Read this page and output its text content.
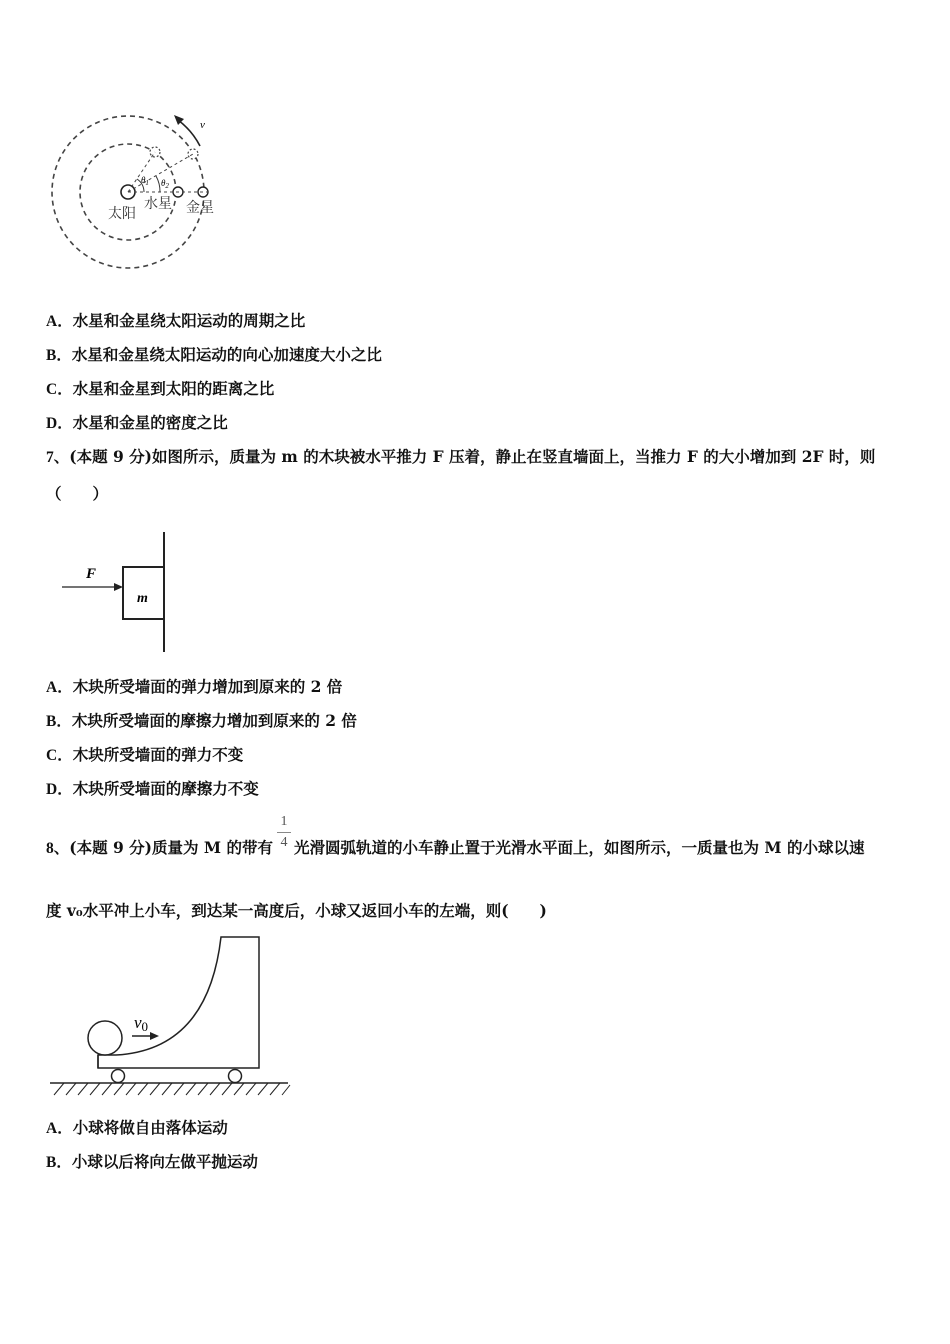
v
$\theta_1$ $\theta_2$
太阳
水星 金星
A．水星和金星绕太阳运动的周期之比
B．水星和金星绕太阳运动的向心加速度大小之比
C．水星和金星到太阳的距离之比
D．水星和金星的密度之比
7、(本题 9 分)如图所示，质量为 m 的木块被水平推力 F 压着，静止在竖直墙面上，当推力 F 的大小增加到 2F 时，则
（　　）
F
m
A．木块所受墙面的弹力增加到原来的 2 倍
B．木块所受墙面的摩擦力增加到原来的 2 倍
C．木块所受墙面的弹力不变
D．木块所受墙面的摩擦力不变
8、(本题 9 分)质量为 M 的带有
1
4 光滑圆弧轨道的小车静止置于光滑水平面上，如图所示，一质量也为 M 的小球以速
度 v₀水平冲上小车，到达某一高度后，小球又返回小车的左端，则(　　)
v0
A．小球将做自由落体运动
B．小球以后将向左做平抛运动
